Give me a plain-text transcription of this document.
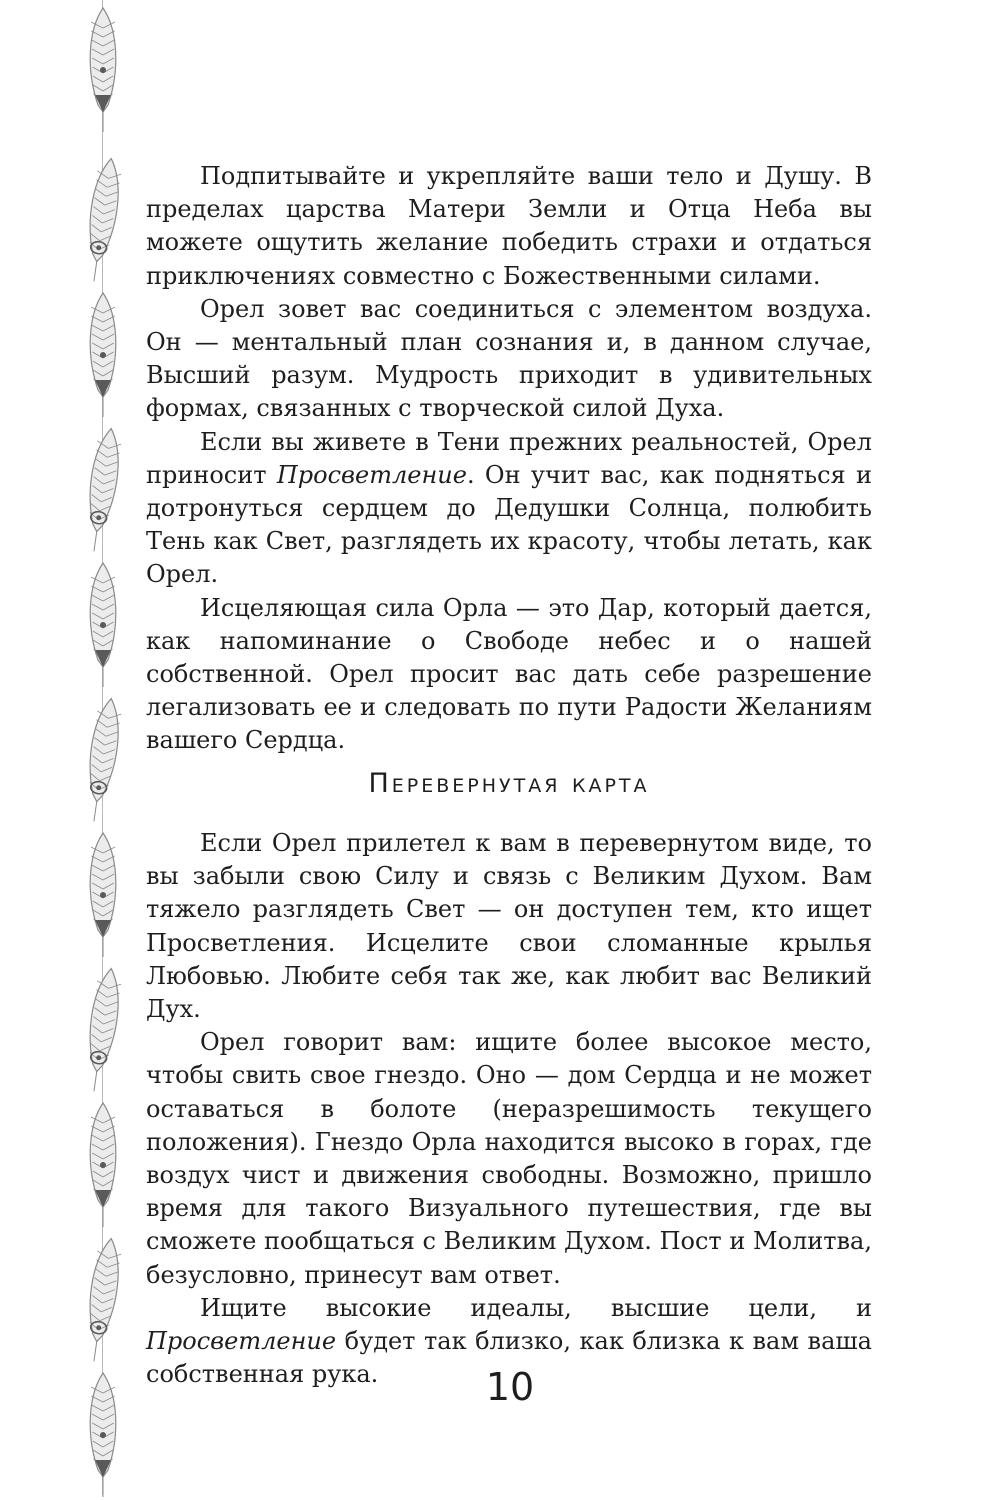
Подпитывайте и укрепляйте ваши тело и Душу. В пределах царства Матери Земли и Отца Неба вы можете ощутить желание победить страхи и отдаться приключениях совместно с Божественными силами.

Орел зовет вас соединиться с элементом воздуха. Он — ментальный план сознания и, в данном случае, Высший разум. Мудрость приходит в удивительных формах, связанных с творческой силой Духа.

Если вы живете в Тени прежних реальностей, Орел приносит Просветление. Он учит вас, как подняться и дотронуться сердцем до Дедушки Солнца, полюбить Тень как Свет, разглядеть их красоту, чтобы летать, как Орел.

Исцеляющая сила Орла — это Дар, который дается, как напоминание о Свободе небес и о нашей собственной. Орел просит вас дать себе разрешение легализовать ее и следовать по пути Радости Желаниям вашего Сердца.

Перевернутая карта

Если Орел прилетел к вам в перевернутом виде, то вы забыли свою Силу и связь с Великим Духом. Вам тяжело разглядеть Свет — он доступен тем, кто ищет Просветления. Исцелите свои сломанные крылья Любовью. Любите себя так же, как любит вас Великий Дух.

Орел говорит вам: ищите более высокое место, чтобы свить свое гнездо. Оно — дом Сердца и не может оставаться в болоте (неразрешимость текущего положения). Гнездо Орла находится высоко в горах, где воздух чист и движения свободны. Возможно, пришло время для такого Визуального путешествия, где вы сможете пообщаться с Великим Духом. Пост и Молитва, безусловно, принесут вам ответ.

Ищите высокие идеалы, высшие цели, и Просветление будет так близко, как близка к вам ваша собственная рука.	10
